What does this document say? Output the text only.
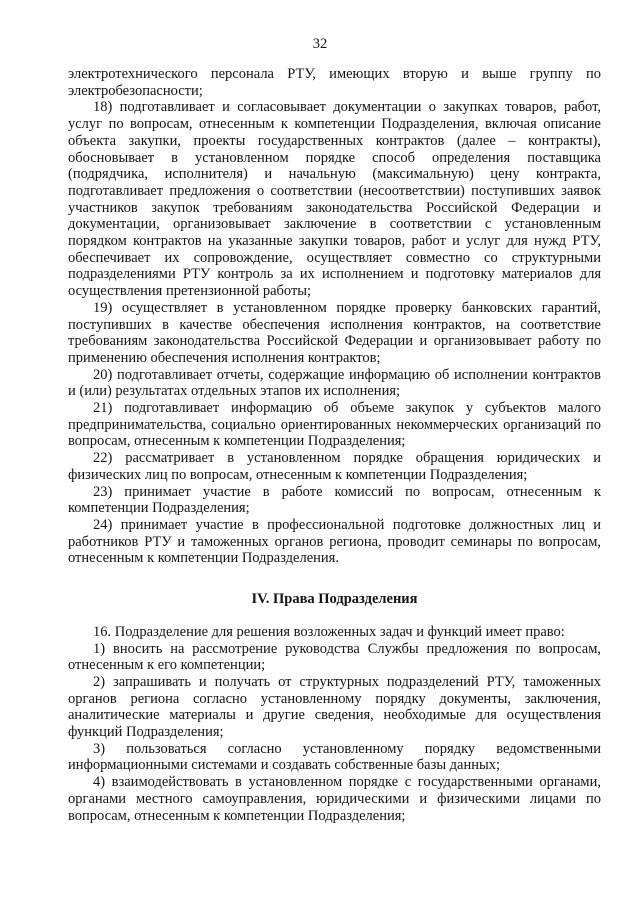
32

электротехнического персонала РТУ, имеющих вторую и выше группу по электробезопасности;

18) подготавливает и согласовывает документации о закупках товаров, работ, услуг по вопросам, отнесенным к компетенции Подразделения, включая описание объекта закупки, проекты государственных контрактов (далее – контракты), обосновывает в установленном порядке способ определения поставщика (подрядчика, исполнителя) и начальную (максимальную) цену контракта, подготавливает предложения о соответствии (несоответствии) поступивших заявок участников закупок требованиям законодательства Российской Федерации и документации, организовывает заключение в соответствии с установленным порядком контрактов на указанные закупки товаров, работ и услуг для нужд РТУ, обеспечивает их сопровождение, осуществляет совместно со структурными подразделениями РТУ контроль за их исполнением и подготовку материалов для осуществления претензионной работы;

19) осуществляет в установленном порядке проверку банковских гарантий, поступивших в качестве обеспечения исполнения контрактов, на соответствие требованиям законодательства Российской Федерации и организовывает работу по применению обеспечения исполнения контрактов;

20) подготавливает отчеты, содержащие информацию об исполнении контрактов и (или) результатах отдельных этапов их исполнения;

21) подготавливает информацию об объеме закупок у субъектов малого предпринимательства, социально ориентированных некоммерческих организаций по вопросам, отнесенным к компетенции Подразделения;

22) рассматривает в установленном порядке обращения юридических и физических лиц по вопросам, отнесенным к компетенции Подразделения;

23) принимает участие в работе комиссий по вопросам, отнесенным к компетенции Подразделения;

24) принимает участие в профессиональной подготовке должностных лиц и работников РТУ и таможенных органов региона, проводит семинары по вопросам, отнесенным к компетенции Подразделения.

IV. Права Подразделения

16. Подразделение для решения возложенных задач и функций имеет право:

1) вносить на рассмотрение руководства Службы предложения по вопросам, отнесенным к его компетенции;

2) запрашивать и получать от структурных подразделений РТУ, таможенных органов региона согласно установленному порядку документы, заключения, аналитические материалы и другие сведения, необходимые для осуществления функций Подразделения;

3) пользоваться согласно установленному порядку ведомственными информационными системами и создавать собственные базы данных;

4) взаимодействовать в установленном порядке с государственными органами, органами местного самоуправления, юридическими и физическими лицами по вопросам, отнесенным к компетенции Подразделения;
